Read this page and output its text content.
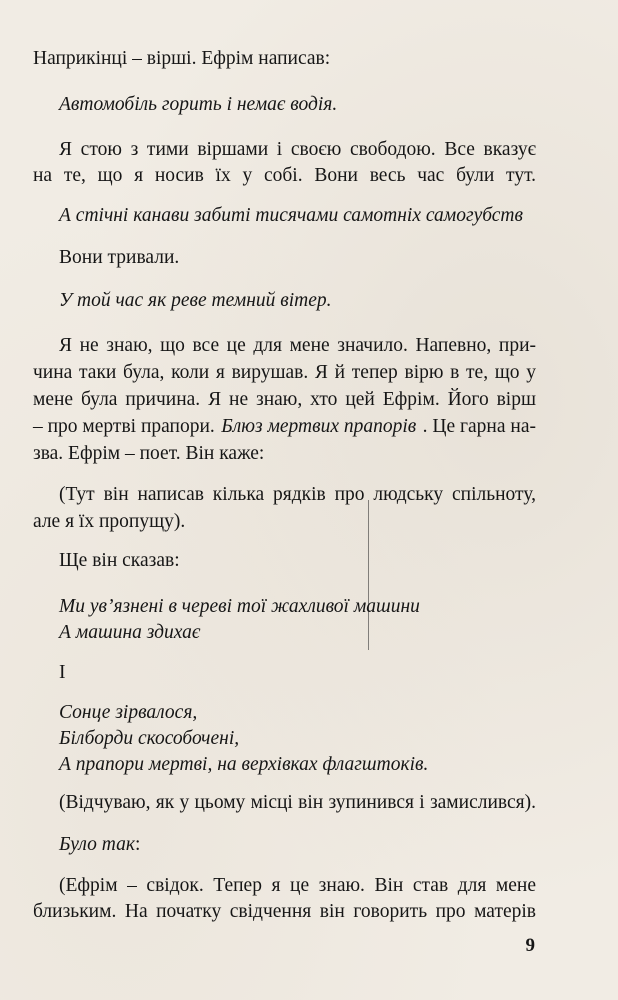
Наприкінці – вірші. Ефрім написав:
Автомобіль горить і немає водія.
Я стою з тими віршами і своєю свободою. Все вказує
на те, що я носив їх у собі. Вони весь час були тут.
А стічні канави забиті тисячами самотніх самогубств
Вони тривали.
У той час як реве темний вітер.
Я не знаю, що все це для мене значило. Напевно, при-
чина таки була, коли я вирушав. Я й тепер вірю в те, що у
мене була причина. Я не знаю, хто цей Ефрім. Його вірш
– про мертві прапори. Блюз мертвих прапорів . Це гарна на-
зва. Ефрім – поет. Він каже:
(Тут він написав кілька рядків про людську спільноту,
але я їх пропущу).
Ще він сказав:
Ми ув’язнені в череві тої жахливої машини
А машина здихає
І
Сонце зірвалося,
Білборди скособочені,
А прапори мертві, на верхівках флагштоків.
(Відчуваю, як у цьому місці він зупинився і замислився).
Було так:
(Ефрім – свідок. Тепер я це знаю. Він став для мене
близьким. На початку свідчення він говорить про матерів
9
